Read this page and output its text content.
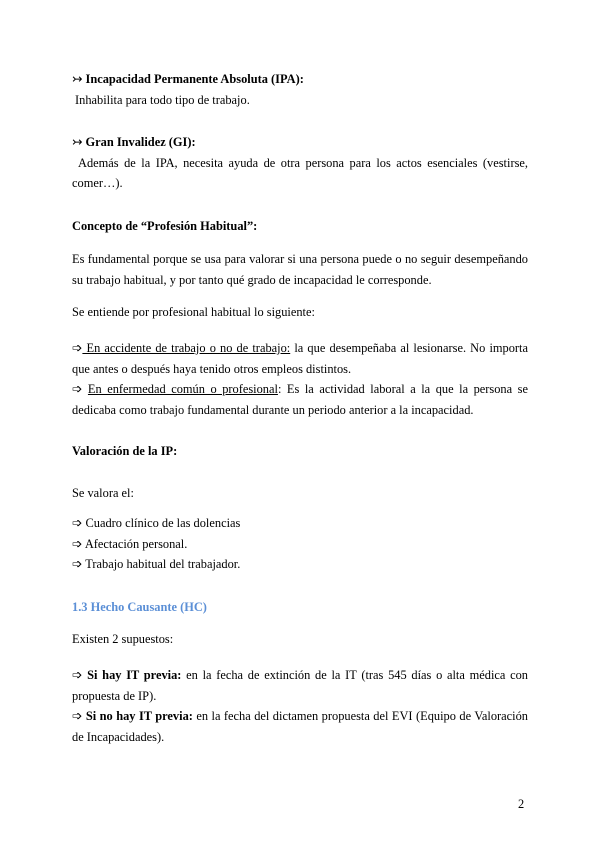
↣ Incapacidad Permanente Absoluta (IPA):
Inhabilita para todo tipo de trabajo.
↣ Gran Invalidez (GI):
Además de la IPA, necesita ayuda de otra persona para los actos esenciales (vestirse, comer…).
Concepto de “Profesión Habitual”:
Es fundamental porque se usa para valorar si una persona puede o no seguir desempeñando su trabajo habitual, y por tanto qué grado de incapacidad le corresponde.
Se entiende por profesional habitual lo siguiente:
➩ En accidente de trabajo o no de trabajo: la que desempeñaba al lesionarse. No importa que antes o después haya tenido otros empleos distintos.
➩ En enfermedad común o profesional: Es la actividad laboral a la que la persona se dedicaba como trabajo fundamental durante un periodo anterior a la incapacidad.
Valoración de la IP:
Se valora el:
➩ Cuadro clínico de las dolencias
➩ Afectación personal.
➩ Trabajo habitual del trabajador.
1.3 Hecho Causante (HC)
Existen 2 supuestos:
➩ Si hay IT previa: en la fecha de extinción de la IT (tras 545 días o alta médica con propuesta de IP).
➩ Si no hay IT previa: en la fecha del dictamen propuesta del EVI (Equipo de Valoración de Incapacidades).
2
